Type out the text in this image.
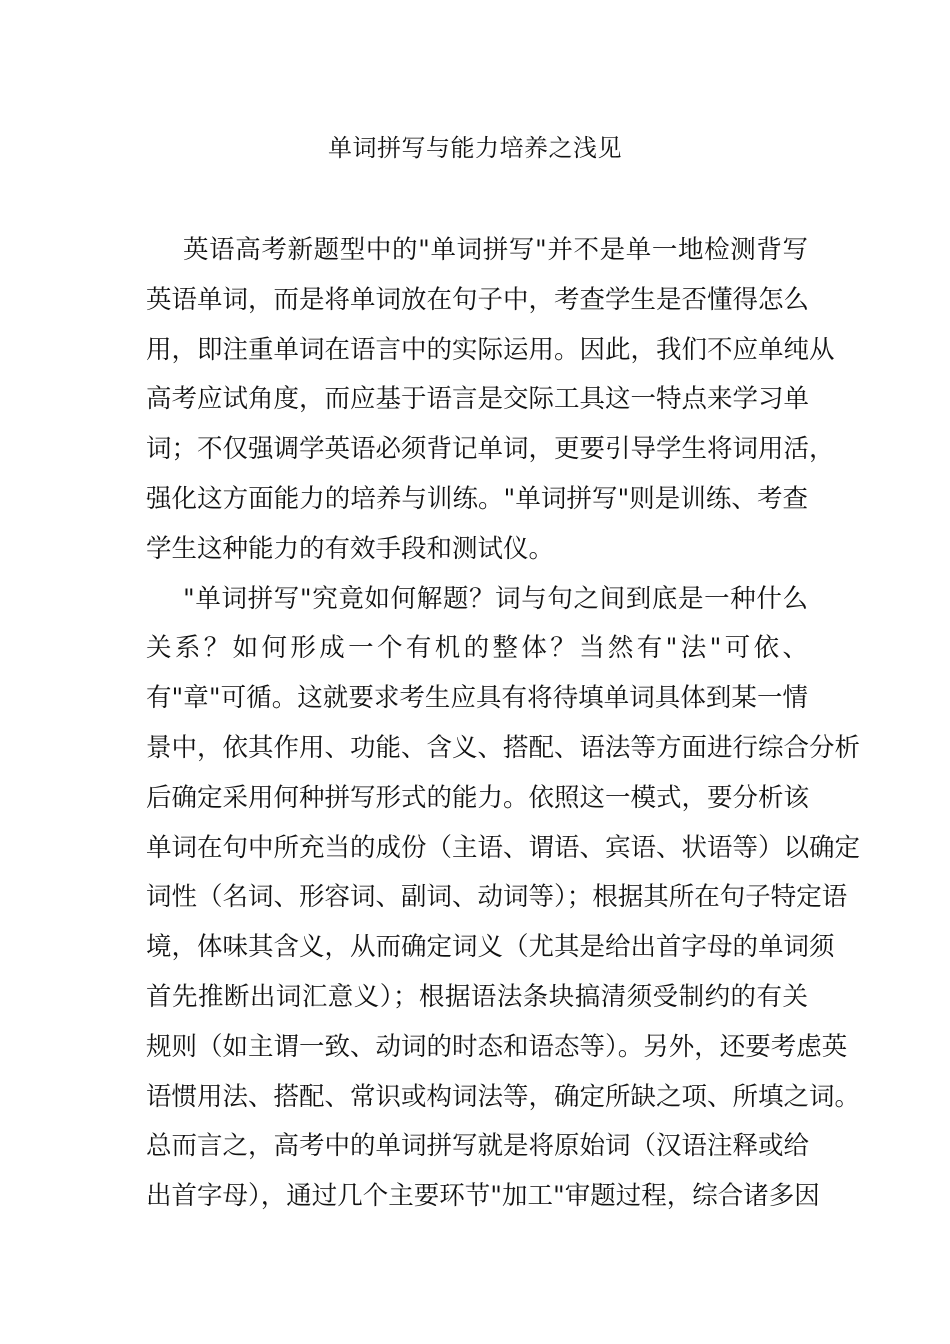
单词拼写与能力培养之浅见
英语高考新题型中的"单词拼写"并不是单一地检测背写
英语单词，而是将单词放在句子中，考查学生是否懂得怎么
用，即注重单词在语言中的实际运用。因此，我们不应单纯从
高考应试角度，而应基于语言是交际工具这一特点来学习单
词；不仅强调学英语必须背记单词，更要引导学生将词用活，
强化这方面能力的培养与训练。"单词拼写"则是训练、考查
学生这种能力的有效手段和测试仪。
"单词拼写"究竟如何解题？词与句之间到底是一种什么
关系？如何形成一个有机的整体？当然有"法"可依、
有"章"可循。这就要求考生应具有将待填单词具体到某一情
景中，依其作用、功能、含义、搭配、语法等方面进行综合分析
后确定采用何种拼写形式的能力。依照这一模式，要分析该
单词在句中所充当的成份（主语、谓语、宾语、状语等）以确定
词性（名词、形容词、副词、动词等）；根据其所在句子特定语
境，体味其含义，从而确定词义（尤其是给出首字母的单词须
首先推断出词汇意义）；根据语法条块搞清须受制约的有关
规则（如主谓一致、动词的时态和语态等）。另外，还要考虑英
语惯用法、搭配、常识或构词法等，确定所缺之项、所填之词。
总而言之，高考中的单词拼写就是将原始词（汉语注释或给
出首字母），通过几个主要环节"加工"审题过程，综合诸多因
